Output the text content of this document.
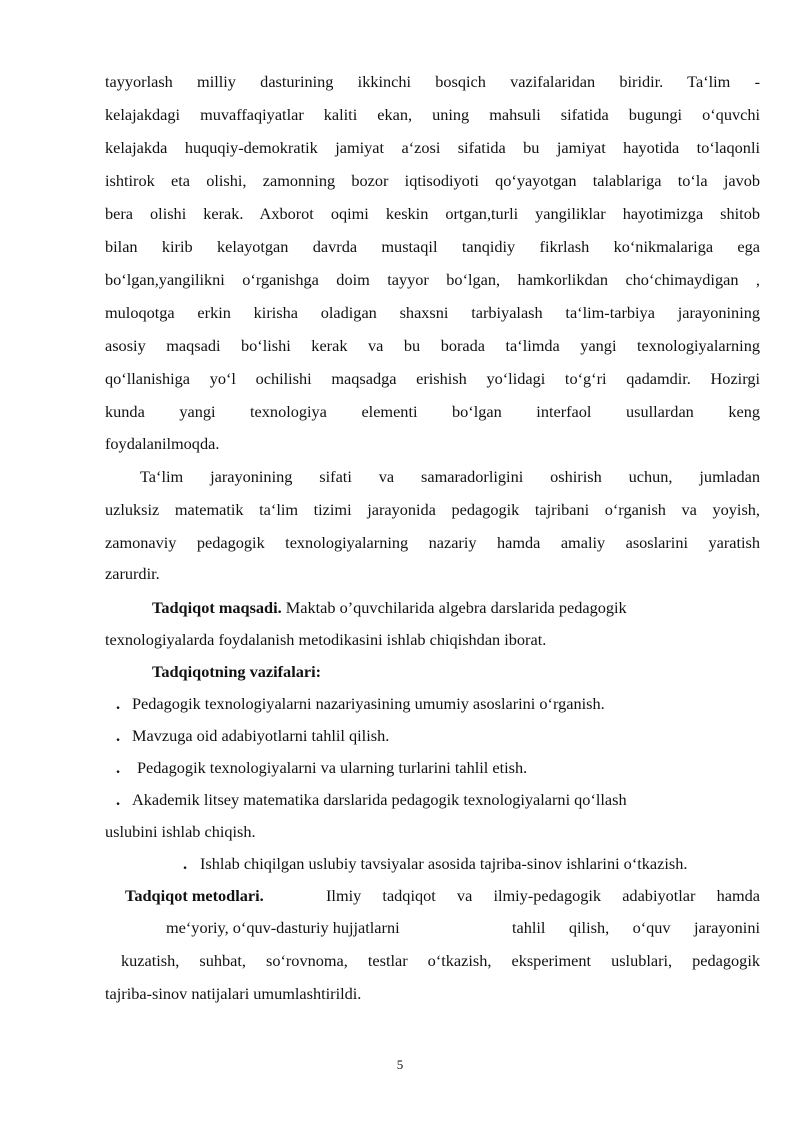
tayyorlash milliy dasturining ikkinchi bosqich vazifalaridan biridir. Ta‘lim -
kelajakdagi muvaffaqiyatlar kaliti ekan, uning mahsuli sifatida bugungi o‘quvchi
kelajakda huquqiy-demokratik jamiyat a‘zosi sifatida bu jamiyat hayotida to‘laqonli
ishtirok eta olishi, zamonning bozor iqtisodiyoti qo‘yayotgan talablariga to‘la javob
bera olishi kerak. Axborot oqimi keskin ortgan,turli yangiliklar hayotimizga shitob
bilan kirib kelayotgan davrda mustaqil tanqidiy fikrlash ko‘nikmalariga ega
bo‘lgan,yangilikni o‘rganishga doim tayyor bo‘lgan, hamkorlikdan cho‘chimaydigan ,
muloqotga erkin kirisha oladigan shaxsni tarbiyalash ta‘lim-tarbiya jarayonining
asosiy maqsadi bo‘lishi kerak va bu borada ta‘limda yangi texnologiyalarning
qo‘llanishiga yo‘l ochilishi maqsadga erishish yo‘lidagi to‘g‘ri qadamdir. Hozirgi
kunda yangi texnologiya elementi bo‘lgan interfaol usullardan keng
foydalanilmoqda.
Ta‘lim jarayonining sifati va samaradorligini oshirish uchun, jumladan
uzluksiz matematik ta‘lim tizimi jarayonida pedagogik tajribani o‘rganish va yoyish,
zamonaviy pedagogik texnologiyalarning nazariy hamda amaliy asoslarini yaratish
zarurdir.
Tadqiqot maqsadi. Maktab o’quvchilarida algebra darslarida pedagogik
texnologiyalarda foydalanish metodikasini ishlab chiqishdan iborat.
Tadqiqotning vazifalari:
. Pedagogik texnologiyalarni nazariyasining umumiy asoslarini o‘rganish.
. Mavzuga oid adabiyotlarni tahlil qilish.
. Pedagogik texnologiyalarni va ularning turlarini tahlil etish.
. Akademik litsey matematika darslarida pedagogik texnologiyalarni qo‘llash
uslubini ishlab chiqish.
. Ishlab chiqilgan uslubiy tavsiyalar asosida tajriba-sinov ishlarini o‘tkazish.
Tadqiqot metodlari.	Ilmiy tadqiqot va ilmiy-pedagogik adabiyotlar hamda
me‘yoriy, o‘quv-dasturiy hujjatlarni	tahlil qilish, o‘quv jarayonini
kuzatish, suhbat, so‘rovnoma, testlar o‘tkazish, eksperiment uslublari, pedagogik
tajriba-sinov natijalari umumlashtirildi.
5
